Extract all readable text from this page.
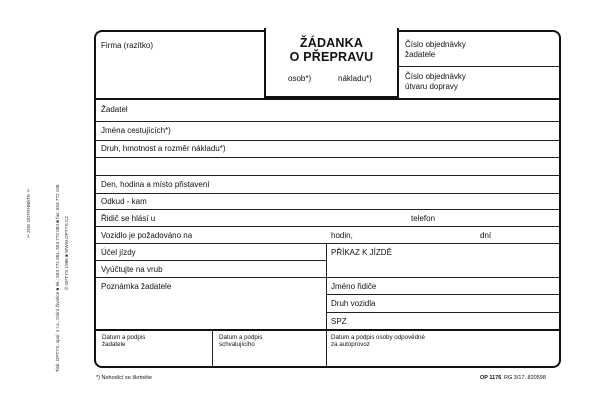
Tisk: OPTYS, spol. s r.o., Dolní Životice ■ tel.: 553 772 081, 553 772 083 ■ fax: 553 772 108 © OPTYS 1996 ■ WWW.OPTYS.CZ
✂ ZDE ODTRHNĚTE ✂
ŽÁDANKA
O PŘEPRAVU
osob*)	nákladu*)
Firma (razítko)	Číslo objednávky
žadatele
Číslo objednávky
útvaru dopravy
Žadatel
Jména cestujících*)
Druh, hmotnost a rozměr nákladu*)
Den, hodina a místo přistavení
Odkud - kam
Řidič se hlásí u	telefon
Vozidlo je požadováno na	hodin,	dní
Účel jízdy
Vyúčtujte na vrub
Poznámka žadatele
PŘÍKAZ K JÍZDĚ
Jméno řidiče
Druh vozidla
SPZ
Datum a podpis
žadatele
Datum a podpis
schvalujícího
Datum a podpis osoby odpovědné
za autoprovoz
*) Nehodící se škrtněte	OP 1176 RG 3/17. 820598
